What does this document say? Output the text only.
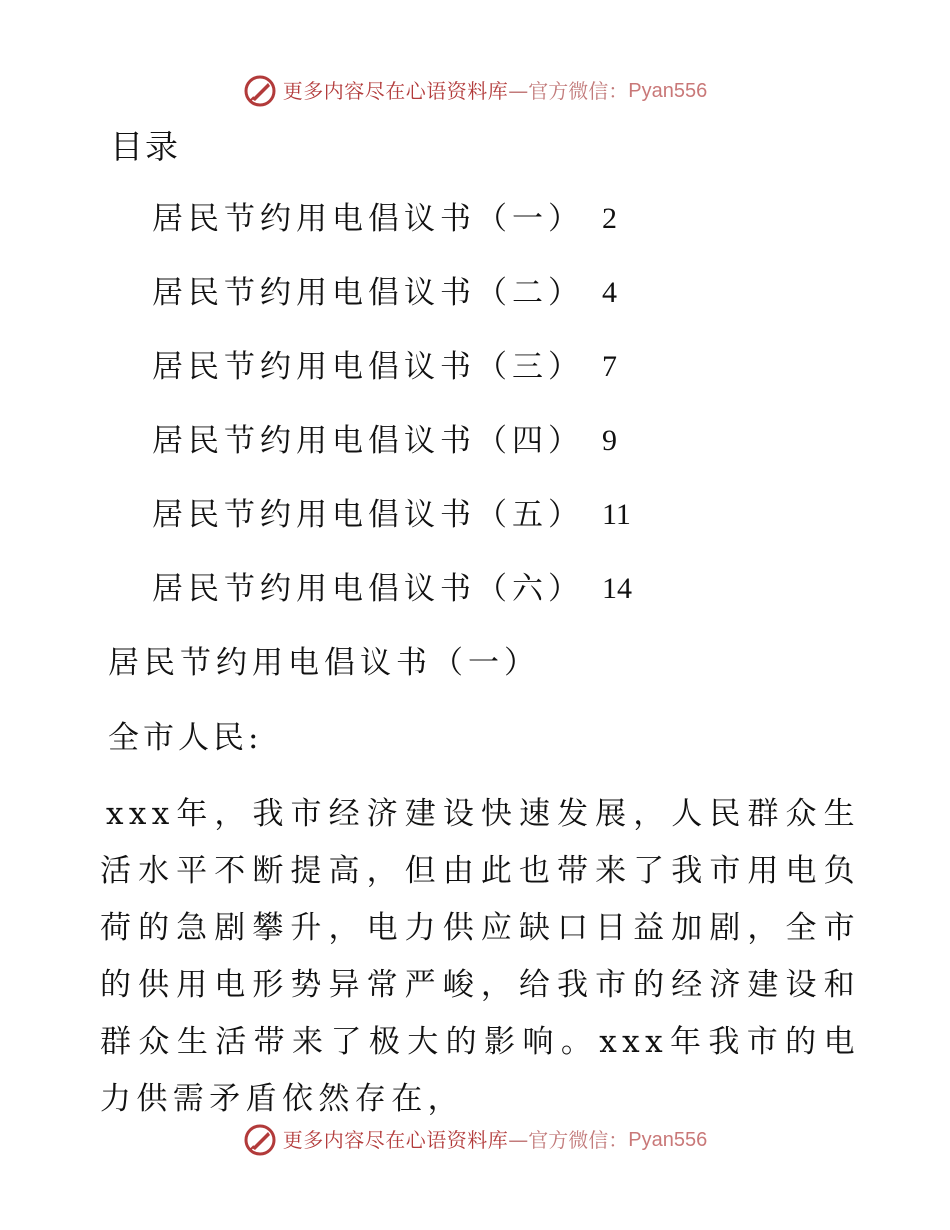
更多内容尽在心语资料库 — 官方微信： Pyan556
目录
居民节约用电倡议书（一） 2
居民节约用电倡议书（二） 4
居民节约用电倡议书（三） 7
居民节约用电倡议书（四） 9
居民节约用电倡议书（五） 11
居民节约用电倡议书（六） 14
居民节约用电倡议书（一）
全市人民:

xxx年，我市经济建设快速发展，人民群众生活水平不断提高，但由此也带来了我市用电负荷的急剧攀升，电力供应缺口日益加剧，全市的供用电形势异常严峻，给我市的经济建设和群众生活带来了极大的影响。xxx年我市的电力供需矛盾依然存在，

更多内容尽在心语资料库 — 官方微信： Pyan556
